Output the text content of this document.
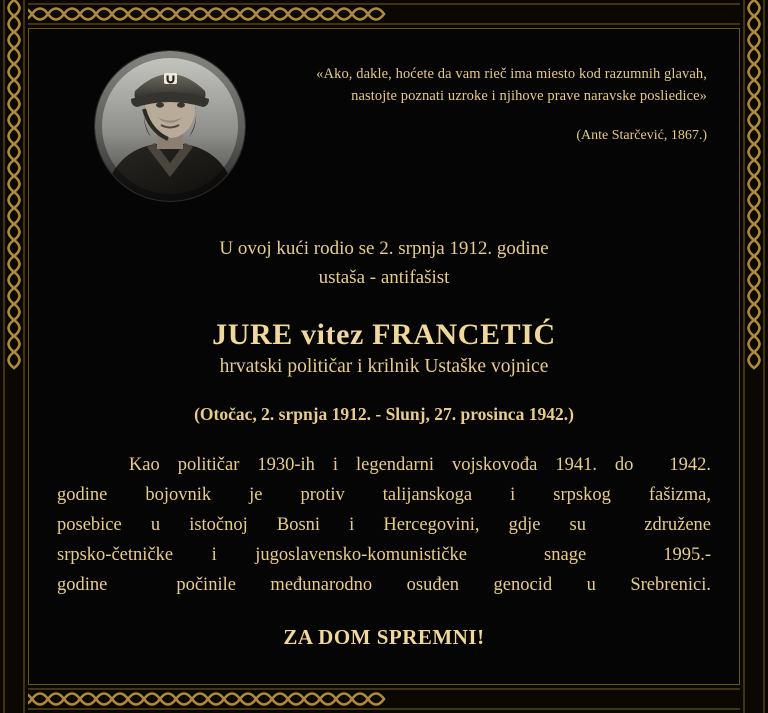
«Ako, dakle, hoćete da vam rieč ima miesto kod razumnih glavah,
nastojte poznati uzroke i njihove prave naravske posliedice»
(Ante Starčević, 1867.)
U ovoj kući rodio se 2. srpnja 1912. godine
ustaša - antifašist
JURE vitez FRANCETIĆ
hrvatski političar i krilnik Ustaške vojnice
(Otočac, 2. srpnja 1912. - Slunj, 27. prosinca 1942.)
Kao političar 1930-ih i legendarni vojskovođa 1941. do  1942.
godine bojovnik je protiv talijanskoga i srpskog fašizma,
posebice u istočnoj Bosni i Hercegovini, gdje su  združene
srpsko-četničke i jugoslavensko-komunističke  snage  1995.-
godine  počinile međunarodno osuđen genocid u Srebrenici.
ZA DOM SPREMNI!
